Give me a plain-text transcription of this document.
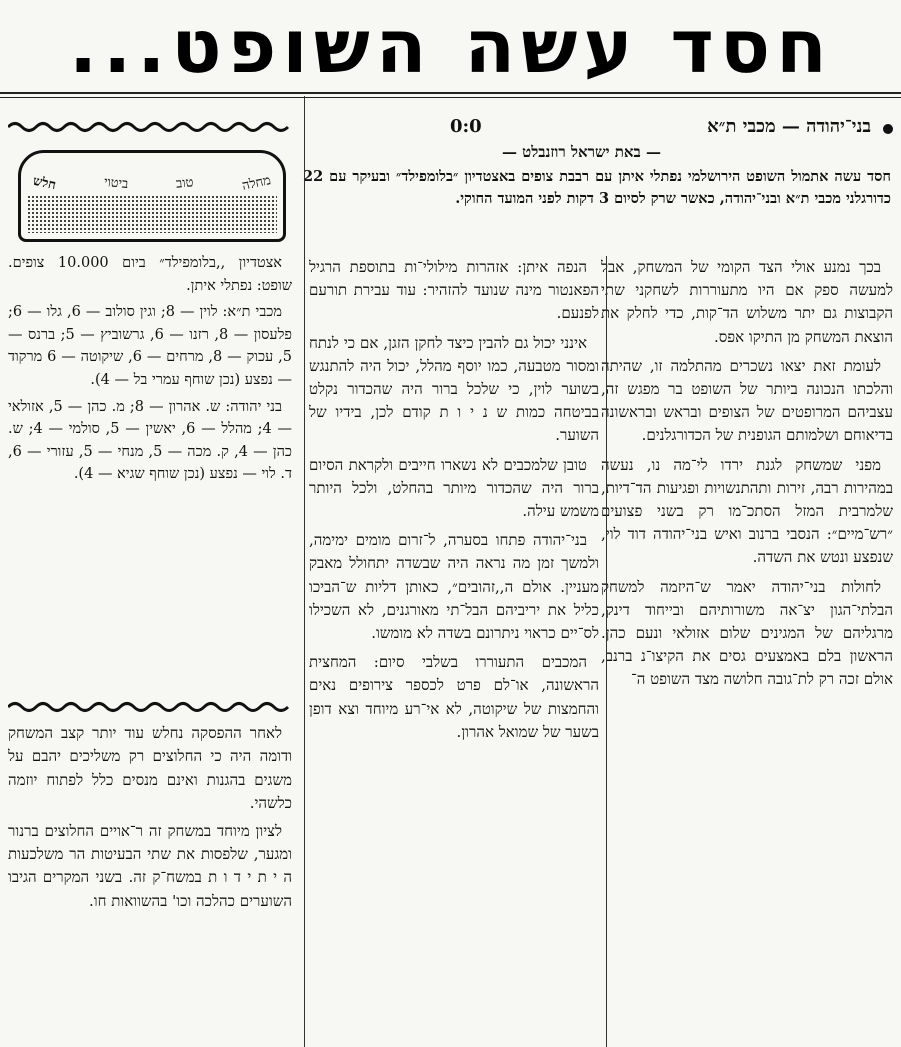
חסד עשה השופט...
בני־יהודה — מכבי ת״א
0:0
— באת ישראל רוזנבלט —

חסד עשה אתמול השופט הירושלמי נפתלי איתן עם רבבת צופים באצטדיון ״בלומפילד״ ובעיקר עם 22 כדורגלני מכבי ת״א ובני־יהודה, כאשר שרק לסיום 3 דקות לפני המועד החוקי.

בכך נמנע אולי הצד הקומי של המשחק, אבל למעשה ספק אם היו מתעוררות לשחקני שתי הקבוצות גם יתר משלוש הד־קות, כדי לחלק את הוצאת המשחק מן התיקו אפס.

לעומת זאת יצאו נשכרים מהתלמה זו, שהיתה והלכתו הנכונה ביותר של השופט בר מפגש זה, עצביהם המרופטים של הצופים ובראש ובראשונה בדיאוחם ושלמותם הגופנית של הכדורגלנים.

מפני שמשחק לגנת ירדו לי־מה נו, נעשה במהירות רבה, זירות ותהתנשויות ופגיעות הד־דיות, שלמרבית המזל הסתכ־מו רק בשני פצועים ״רש־מיים״: הנסבי ברנוב ואיש בני־יהודה דוד לוי, שנפצע ונטש את השדה.

לחולות בני־יהודה יאמר ש־היזמה למשחק הבלתי־הגון יצ־אה משורותיהם ובייחוד דינק, מרגליהם של המגינים שלום אזולאי ונעם כהן. הראשון בלם באמצעים גסים את הקיצו־נ ברנב, אולם זכה רק לת־גובה חלושה מצד השופט ה־

הנפה איתן: אזהרות מילולי־ות בתוספת הרגיל הפאנטור מינה שנועד להזהיר: עוד עבירת תורעם לפנעם.

אינני יכול גם להבין כיצד לחקן הזגן, אם כי לנתח ומסור מטבעה, כמו יוסף מהלל, יכול היה להתנגש בשוער לוין, כי שלכל ברור היה שהכדור נקלט בביטחה כמות ש נ י ו ת קודם לכן, בידיו של השוער.

טובן שלמכבים לא נשארו חייבים ולקראת הסיום ברור היה שהכדור מיותר בהחלט, ולכל היותר משמש עילה.

בני־יהודה פתחו בסערה, ל־זרום מומים ימימה, ולמשך זמן מה נראה היה שבשדה יתחולל מאבק מעניין. אולם ה,,זהובים״, כאותן דליות ש־הביכו כליל את יריביהם הבל־תי מאורגנים, לא השכילו לס־יים כראוי ניתרונם בשדה לא מומשו.

המכבים התעוררו בשלבי סיום: המחצית הראשונה, או־לם פרט לכספר צירופים נאים והחמצות של שיקוטה, לא אי־רע מיוחד וצא דופן בשער של שמואל אהרון.

מחלה
טוב
ביטוי
חלש

אצטדיון ,,בלומפילד״ ביום 10.000 צופים. שופט: נפתלי איתן.

מכבי ת״א: לוין — 8; וגין סולוב — 6, גלו — 6; פלעסון — 8, רזנו — 6, גרשוביץ — 5; ברנס — 5, עכוק — 8, מרחים — 6, שיקוטה — 6 מרקוד — נפצע (נכן שוחף עמרי בל — 4).

בני יהודה: ש. אהרון — 8; מ. כהן — 5, אזולאי — 4; מהלל — 6, יאשין — 5, סולמי — 4; ש. כהן — 4, ק. מכה — 5, מנחי — 5, עזורי — 6, ד. לוי — נפצע (נכן שוחף שגיא — 4).

לאחר ההפסקה נחלש עוד יותר קצב המשחק ודומה היה כי החלוצים רק משליכים יהבם על משגים בהגנות ואינם מנסים כלל לפתוח יוזמה כלשהי.

לציון מיוחד במשחק זה ר־אויים החלוצים ברנור ומגער, שלפסות את שתי הבעיטות הר משלכעות ה י ת י ד ו ת במשח־ק זה. בשני המקרים הגיבו השוערים כהלכה וכו' בהשוואות חו.
